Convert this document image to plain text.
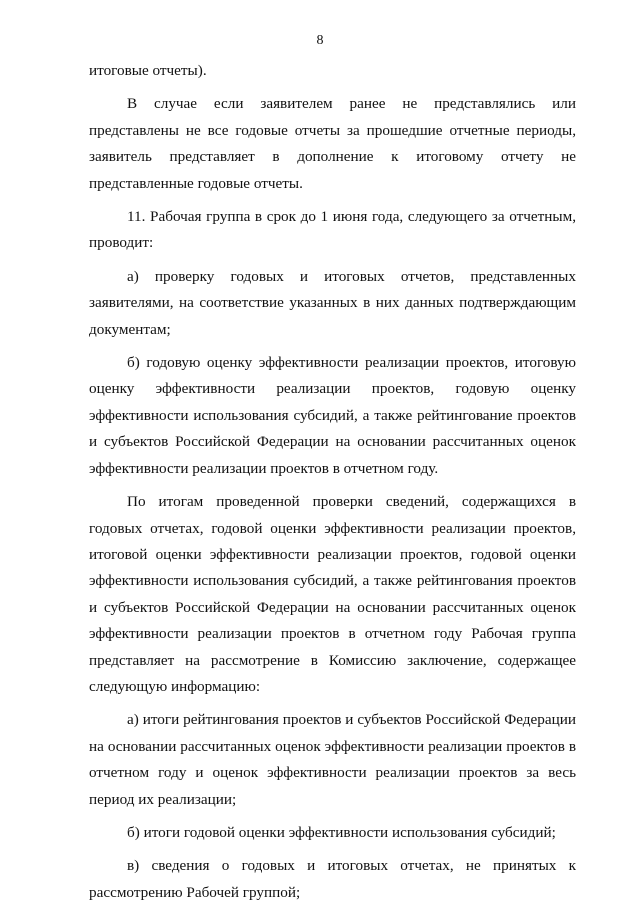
8

итоговые отчеты).

В случае если заявителем ранее не представлялись или представлены не все годовые отчеты за прошедшие отчетные периоды, заявитель представляет в дополнение к итоговому отчету не представленные годовые отчеты.

11. Рабочая группа в срок до 1 июня года, следующего за отчетным, проводит:

а) проверку годовых и итоговых отчетов, представленных заявителями, на соответствие указанных в них данных подтверждающим документам;

б) годовую оценку эффективности реализации проектов, итоговую оценку эффективности реализации проектов, годовую оценку эффективности использования субсидий, а также рейтингование проектов и субъектов Российской Федерации на основании рассчитанных оценок эффективности реализации проектов в отчетном году.

По итогам проведенной проверки сведений, содержащихся в годовых отчетах, годовой оценки эффективности реализации проектов, итоговой оценки эффективности реализации проектов, годовой оценки эффективности использования субсидий, а также рейтингования проектов и субъектов Российской Федерации на основании рассчитанных оценок эффективности реализации проектов в отчетном году Рабочая группа представляет на рассмотрение в Комиссию заключение, содержащее следующую информацию:

а) итоги рейтингования проектов и субъектов Российской Федерации на основании рассчитанных оценок эффективности реализации проектов в отчетном году и оценок эффективности реализации проектов за весь период их реализации;

б) итоги годовой оценки эффективности использования субсидий;

в) сведения о годовых и итоговых отчетах, не принятых к рассмотрению Рабочей группой;
